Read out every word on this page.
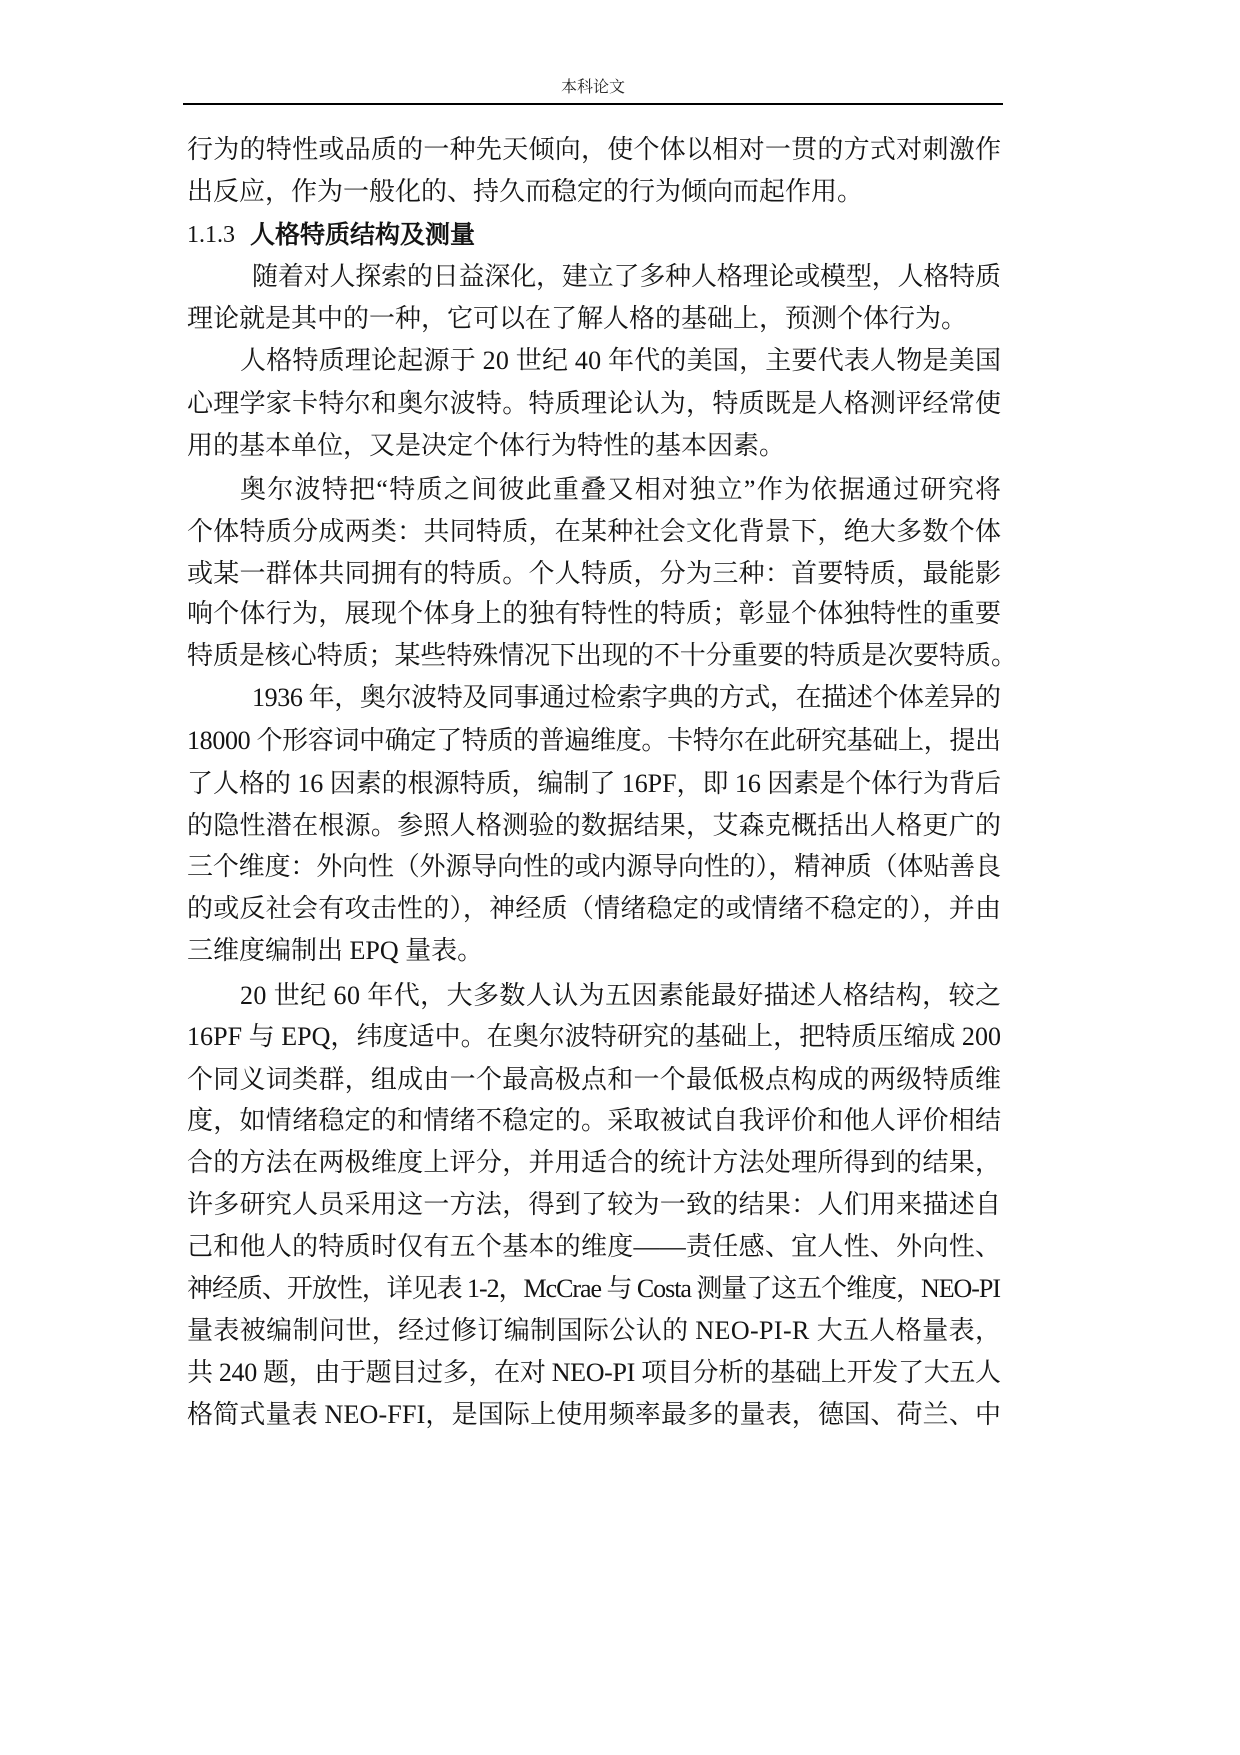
本科论文
行为的特性或品质的一种先天倾向，使个体以相对一贯的方式对刺激作
出反应，作为一般化的、持久而稳定的行为倾向而起作用。
1.1.3 人格特质结构及测量
随着对人探索的日益深化，建立了多种人格理论或模型，人格特质
理论就是其中的一种，它可以在了解人格的基础上，预测个体行为。
人格特质理论起源于 20 世纪 40 年代的美国，主要代表人物是美国
心理学家卡特尔和奥尔波特。特质理论认为，特质既是人格测评经常使
用的基本单位，又是决定个体行为特性的基本因素。
奥尔波特把“特质之间彼此重叠又相对独立”作为依据通过研究将
个体特质分成两类：共同特质，在某种社会文化背景下，绝大多数个体
或某一群体共同拥有的特质。个人特质，分为三种：首要特质，最能影
响个体行为，展现个体身上的独有特性的特质；彰显个体独特性的重要
特质是核心特质；某些特殊情况下出现的不十分重要的特质是次要特质。
1936 年，奥尔波特及同事通过检索字典的方式，在描述个体差异的
18000 个形容词中确定了特质的普遍维度。卡特尔在此研究基础上，提出
了人格的 16 因素的根源特质，编制了 16PF，即 16 因素是个体行为背后
的隐性潜在根源。参照人格测验的数据结果，艾森克概括出人格更广的
三个维度：外向性（外源导向性的或内源导向性的），精神质（体贴善良
的或反社会有攻击性的），神经质（情绪稳定的或情绪不稳定的），并由
三维度编制出 EPQ 量表。
20 世纪 60 年代，大多数人认为五因素能最好描述人格结构，较之
16PF 与 EPQ，纬度适中。在奥尔波特研究的基础上，把特质压缩成 200
个同义词类群，组成由一个最高极点和一个最低极点构成的两级特质维
度，如情绪稳定的和情绪不稳定的。采取被试自我评价和他人评价相结
合的方法在两极维度上评分，并用适合的统计方法处理所得到的结果，
许多研究人员采用这一方法，得到了较为一致的结果：人们用来描述自
己和他人的特质时仅有五个基本的维度——责任感、宜人性、外向性、
神经质、开放性，详见表 1-2，McCrae 与 Costa 测量了这五个维度，NEO-PI
量表被编制问世，经过修订编制国际公认的 NEO-PI-R 大五人格量表，
共 240 题，由于题目过多，在对 NEO-PI 项目分析的基础上开发了大五人
格简式量表 NEO-FFI，是国际上使用频率最多的量表，德国、荷兰、中
